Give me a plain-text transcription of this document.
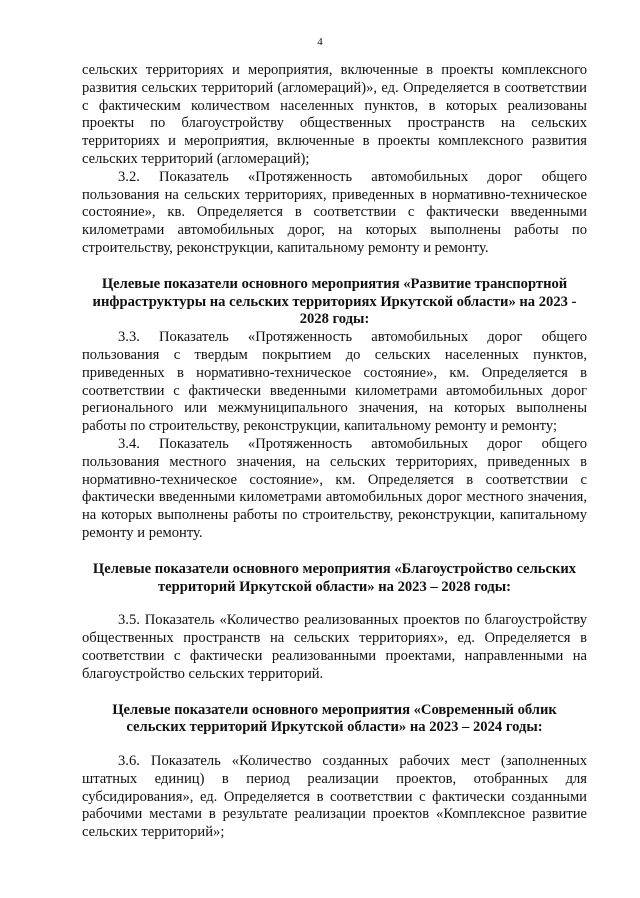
4

сельских территориях и мероприятия, включенные в проекты комплексного развития сельских территорий (агломераций)», ед. Определяется в соответствии с фактическим количеством населенных пунктов, в которых реализованы проекты по благоустройству общественных пространств на сельских территориях и мероприятия, включенные в проекты комплексного развития сельских территорий (агломераций);

3.2. Показатель «Протяженность автомобильных дорог общего пользования на сельских территориях, приведенных в нормативно-техническое состояние», кв. Определяется в соответствии с фактически введенными километрами автомобильных дорог, на которых выполнены работы по строительству, реконструкции, капитальному ремонту и ремонту.

Целевые показатели основного мероприятия «Развитие транспортной инфраструктуры на сельских территориях Иркутской области» на 2023 - 2028 годы:

3.3. Показатель «Протяженность автомобильных дорог общего пользования с твердым покрытием до сельских населенных пунктов, приведенных в нормативно-техническое состояние», км. Определяется в соответствии с фактически введенными километрами автомобильных дорог регионального или межмуниципального значения, на которых выполнены работы по строительству, реконструкции, капитальному ремонту и ремонту;

3.4. Показатель «Протяженность автомобильных дорог общего пользования местного значения, на сельских территориях, приведенных в нормативно-техническое состояние», км. Определяется в соответствии с фактически введенными километрами автомобильных дорог местного значения, на которых выполнены работы по строительству, реконструкции, капитальному ремонту и ремонту.

Целевые показатели основного мероприятия «Благоустройство сельских территорий Иркутской области» на 2023 – 2028 годы:

3.5. Показатель «Количество реализованных проектов по благоустройству общественных пространств на сельских территориях», ед. Определяется в соответствии с фактически реализованными проектами, направленными на благоустройство сельских территорий.

Целевые показатели основного мероприятия «Современный облик сельских территорий Иркутской области» на 2023 – 2024 годы:

3.6. Показатель «Количество созданных рабочих мест (заполненных штатных единиц) в период реализации проектов, отобранных для субсидирования», ед. Определяется в соответствии с фактически созданными рабочими местами в результате реализации проектов «Комплексное развитие сельских территорий»;
